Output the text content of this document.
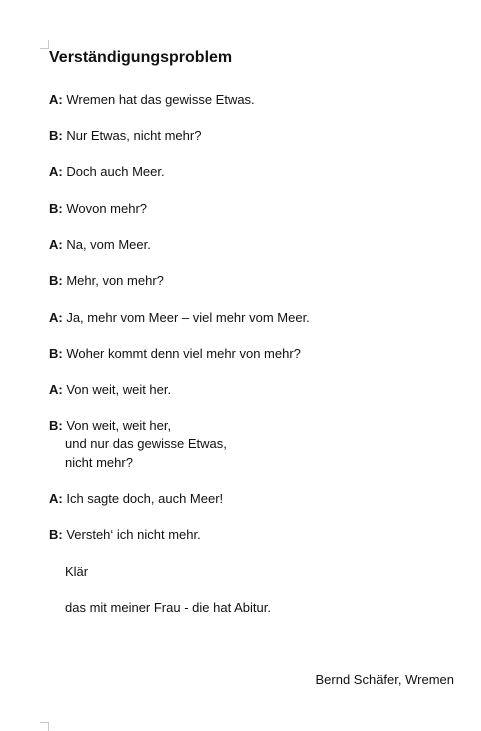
Verständigungsproblem
A: Wremen hat das gewisse Etwas.
B: Nur Etwas, nicht mehr?
A: Doch auch Meer.
B: Wovon mehr?
A: Na, vom Meer.
B: Mehr, von mehr?
A: Ja, mehr vom Meer – viel mehr vom Meer.
B: Woher kommt denn viel mehr von mehr?
A: Von weit, weit her.
B: Von weit, weit her,
und nur das gewisse Etwas,
nicht mehr?
A: Ich sagte doch, auch Meer!
B: Versteh‘ ich nicht mehr.
Klär
das mit meiner Frau - die hat Abitur.
Bernd Schäfer, Wremen
